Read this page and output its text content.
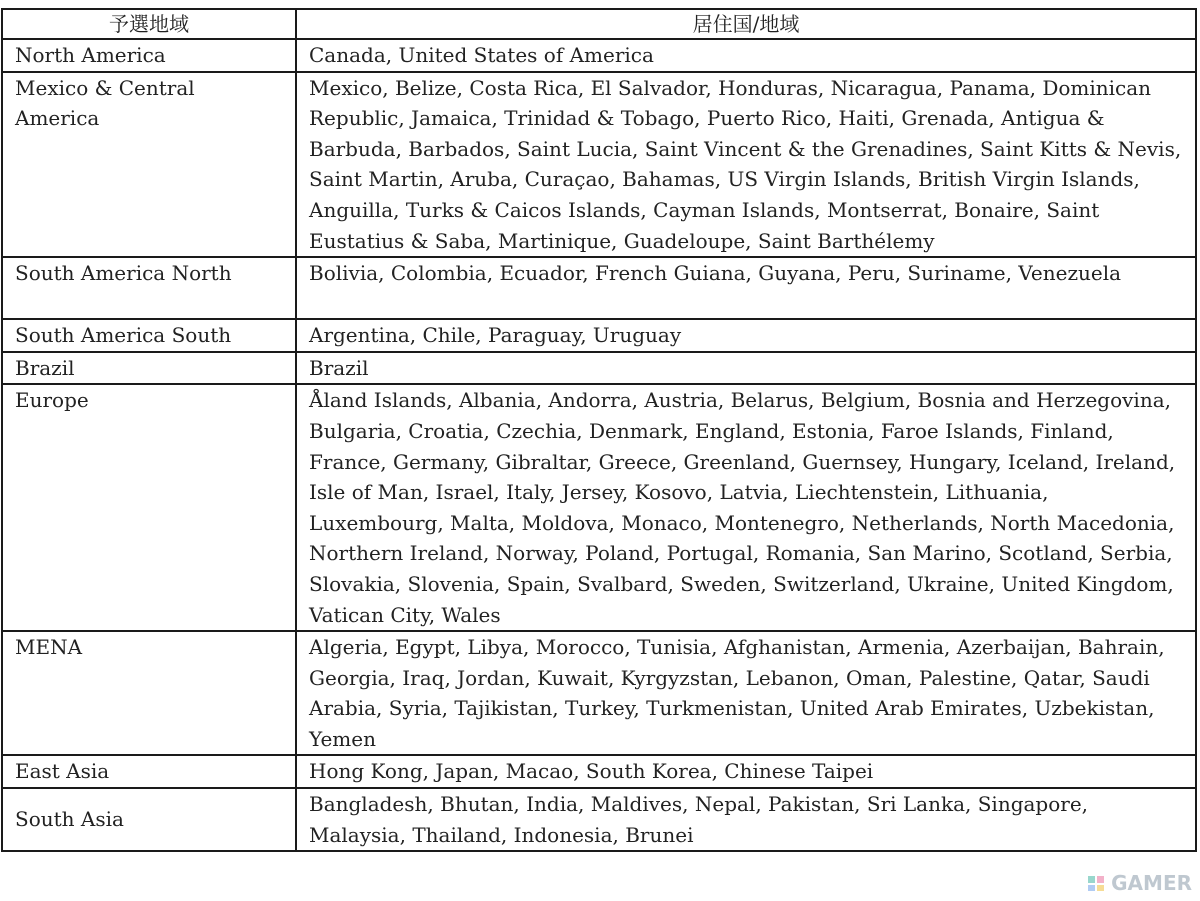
予選地域	居住国/地域
North America	Canada, United States of America
Mexico & Central America	Mexico, Belize, Costa Rica, El Salvador, Honduras, Nicaragua, Panama, Dominican Republic, Jamaica, Trinidad & Tobago, Puerto Rico, Haiti, Grenada, Antigua & Barbuda, Barbados, Saint Lucia, Saint Vincent & the Grenadines, Saint Kitts & Nevis, Saint Martin, Aruba, Curaçao, Bahamas, US Virgin Islands, British Virgin Islands, Anguilla, Turks & Caicos Islands, Cayman Islands, Montserrat, Bonaire, Saint Eustatius & Saba, Martinique, Guadeloupe, Saint Barthélemy
South America North	Bolivia, Colombia, Ecuador, French Guiana, Guyana, Peru, Suriname, Venezuela
South America South	Argentina, Chile, Paraguay, Uruguay
Brazil	Brazil
Europe	Åland Islands, Albania, Andorra, Austria, Belarus, Belgium, Bosnia and Herzegovina, Bulgaria, Croatia, Czechia, Denmark, England, Estonia, Faroe Islands, Finland, France, Germany, Gibraltar, Greece, Greenland, Guernsey, Hungary, Iceland, Ireland, Isle of Man, Israel, Italy, Jersey, Kosovo, Latvia, Liechtenstein, Lithuania, Luxembourg, Malta, Moldova, Monaco, Montenegro, Netherlands, North Macedonia, Northern Ireland, Norway, Poland, Portugal, Romania, San Marino, Scotland, Serbia, Slovakia, Slovenia, Spain, Svalbard, Sweden, Switzerland, Ukraine, United Kingdom, Vatican City, Wales
MENA	Algeria, Egypt, Libya, Morocco, Tunisia, Afghanistan, Armenia, Azerbaijan, Bahrain, Georgia, Iraq, Jordan, Kuwait, Kyrgyzstan, Lebanon, Oman, Palestine, Qatar, Saudi Arabia, Syria, Tajikistan, Turkey, Turkmenistan, United Arab Emirates, Uzbekistan, Yemen
East Asia	Hong Kong, Japan, Macao, South Korea, Chinese Taipei
South Asia	Bangladesh, Bhutan, India, Maldives, Nepal, Pakistan, Sri Lanka, Singapore, Malaysia, Thailand, Indonesia, Brunei
GAMER
